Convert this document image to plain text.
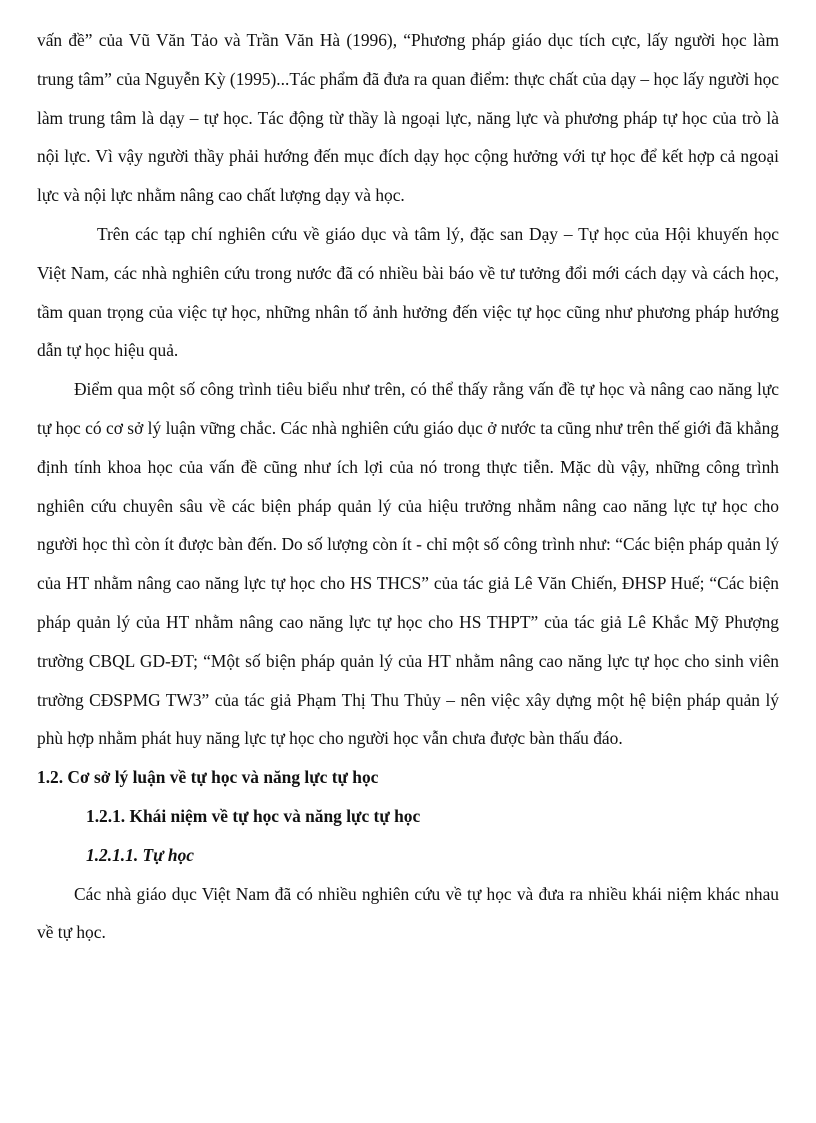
vấn đề” của Vũ Văn Tảo và Trần Văn Hà (1996), “Phương pháp giáo dục tích cực, lấy người học làm trung tâm” của Nguyễn Kỳ (1995)...Tác phẩm đã đưa ra quan điểm: thực chất của dạy – học lấy người học làm trung tâm là dạy – tự học. Tác động từ thầy là ngoại lực, năng lực và phương pháp tự học của trò là nội lực. Vì vậy người thầy phải hướng đến mục đích dạy học cộng hưởng với tự học để kết hợp cả ngoại lực và nội lực nhằm nâng cao chất lượng dạy và học.

Trên các tạp chí nghiên cứu về giáo dục và tâm lý, đặc san Dạy – Tự học của Hội khuyến học Việt Nam, các nhà nghiên cứu trong nước đã có nhiều bài báo về tư tưởng đổi mới cách dạy và cách học, tầm quan trọng của việc tự học, những nhân tố ảnh hưởng đến việc tự học cũng như phương pháp hướng dẫn tự học hiệu quả.

Điểm qua một số công trình tiêu biểu như trên, có thể thấy rằng vấn đề tự học và nâng cao năng lực tự học có cơ sở lý luận vững chắc. Các nhà nghiên cứu giáo dục ở nước ta cũng như trên thế giới đã khẳng định tính khoa học của vấn đề cũng như ích lợi của nó trong thực tiễn. Mặc dù vậy, những công trình nghiên cứu chuyên sâu về các biện pháp quản lý của hiệu trưởng nhằm nâng cao năng lực tự học cho người học thì còn ít được bàn đến. Do số lượng còn ít - chỉ một số công trình như: “Các biện pháp quản lý của HT nhằm nâng cao năng lực tự học cho HS THCS” của tác giả Lê Văn Chiến, ĐHSP Huế; “Các biện pháp quản lý của HT nhằm nâng cao năng lực tự học cho HS THPT” của tác giả Lê Khắc Mỹ Phượng trường CBQL GD-ĐT; “Một số biện pháp quản lý của HT nhằm nâng cao năng lực tự học cho sinh viên trường CĐSPMG TW3” của tác giả Phạm Thị Thu Thủy – nên việc xây dựng một hệ biện pháp quản lý phù hợp nhằm phát huy năng lực tự học cho người học vẫn chưa được bàn thấu đáo.

1.2. Cơ sở lý luận về tự học và năng lực tự học

1.2.1. Khái niệm về tự học và năng lực tự học

1.2.1.1. Tự học

Các nhà giáo dục Việt Nam đã có nhiều nghiên cứu về tự học và đưa ra nhiều khái niệm khác nhau về tự học.
